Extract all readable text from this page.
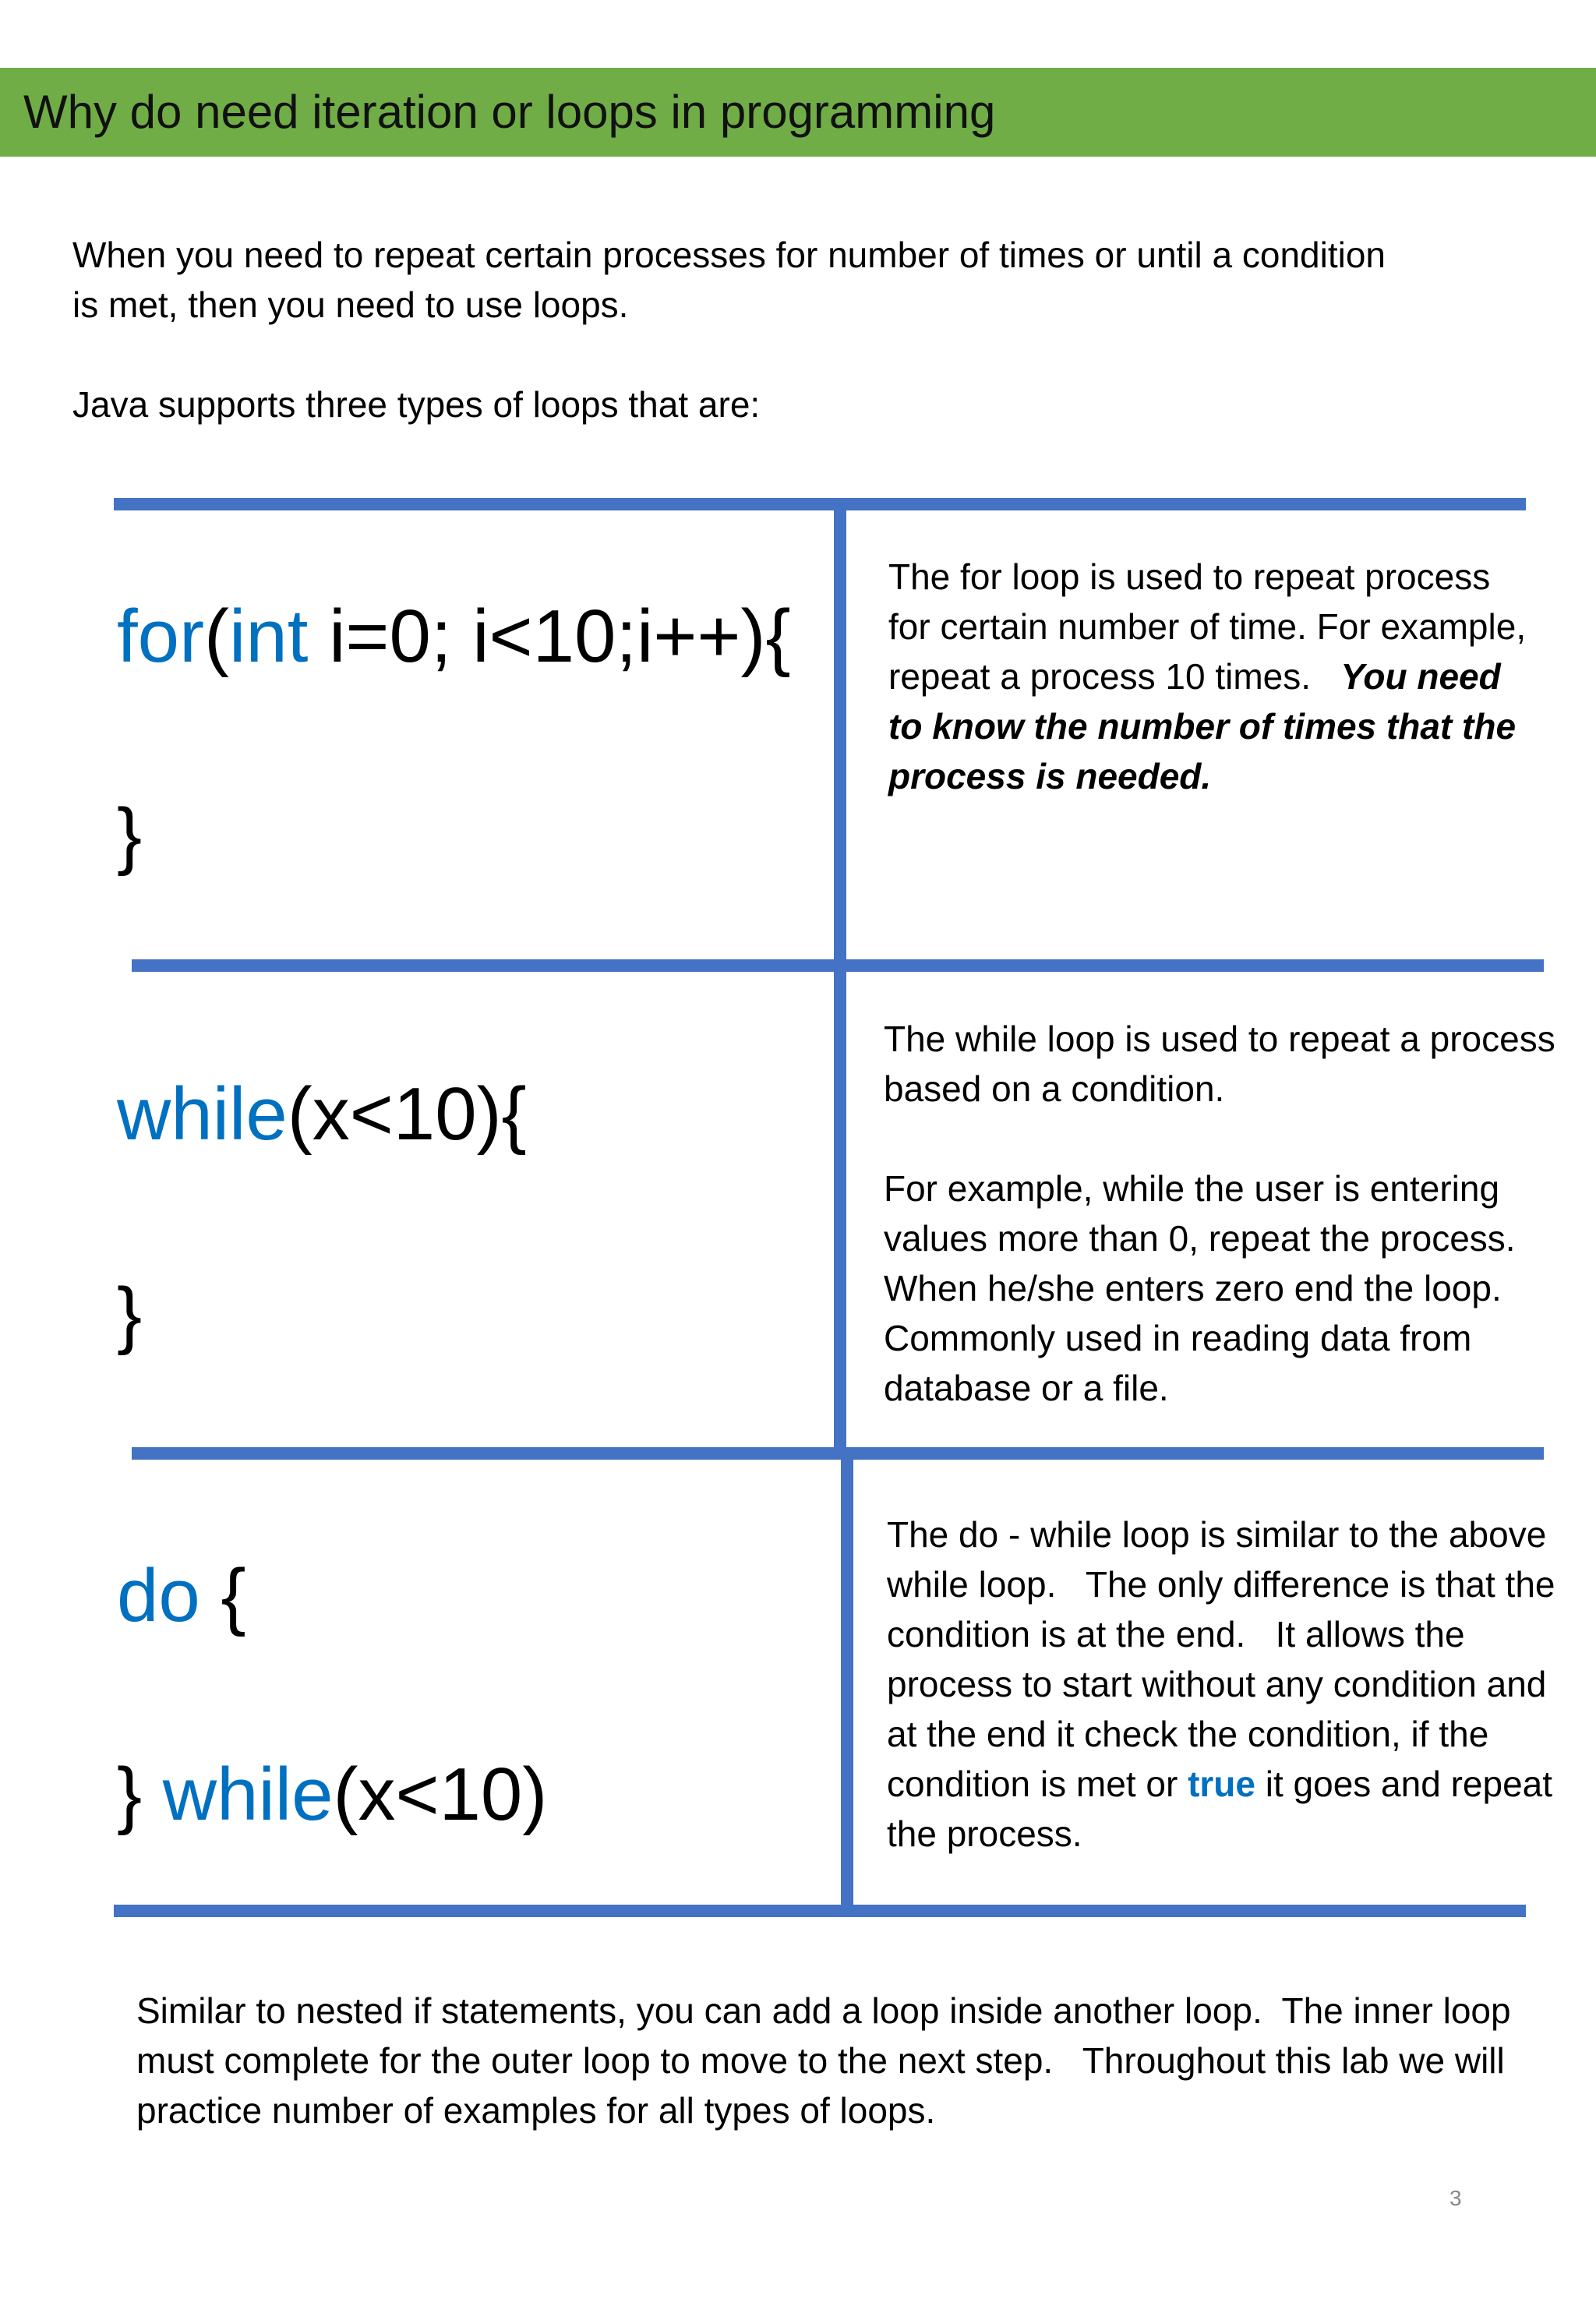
Why do need iteration or loops in programming

When you need to repeat certain processes for number of times or until a condition is met, then you need to use loops.

Java supports three types of loops that are:

for(int i=0; i<10;i++){
}

The for loop is used to repeat process for certain number of time. For example, repeat a process 10 times.   You need to know the number of times that the process is needed.

while(x<10){
}

The while loop is used to repeat a process based on a condition.

For example, while the user is entering values more than 0, repeat the process. When he/she enters zero end the loop. Commonly used in reading data from database or a file.

do {
} while(x<10)

The do - while loop is similar to the above while loop.   The only difference is that the condition is at the end.   It allows the process to start without any condition and at the end it check the condition, if the condition is met or true it goes and repeat the process.

Similar to nested if statements, you can add a loop inside another loop.  The inner loop must complete for the outer loop to move to the next step.   Throughout this lab we will practice number of examples for all types of loops.
3
